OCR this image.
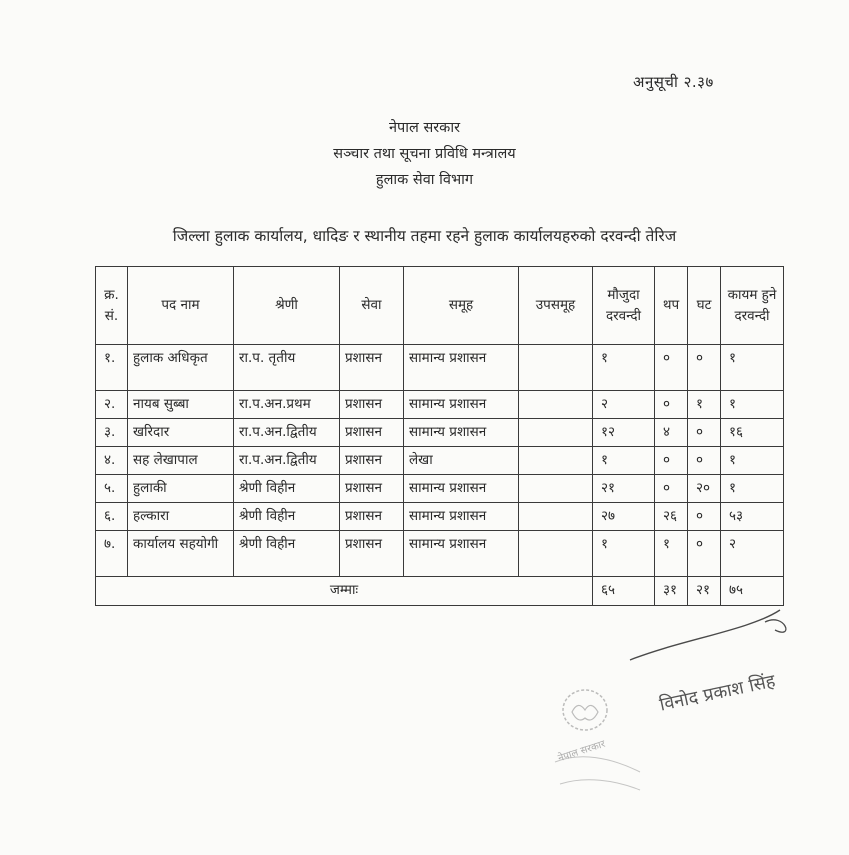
अनुसूची २.३७
नेपाल सरकार
सञ्चार तथा सूचना प्रविधि मन्त्रालय
हुलाक सेवा विभाग
जिल्ला हुलाक कार्यालय, धादिङ र स्थानीय तहमा रहने हुलाक कार्यालयहरुको दरवन्दी तेरिज
क्र. सं.	पद नाम	श्रेणी	सेवा	समूह	उपसमूह	मौजुदा दरवन्दी	थप	घट	कायम हुने दरवन्दी
१.	हुलाक अधिकृत	रा.प. तृतीय	प्रशासन	सामान्य प्रशासन		१	०	०	१
२.	नायब सुब्बा	रा.प.अन.प्रथम	प्रशासन	सामान्य प्रशासन		२	०	१	१
३.	खरिदार	रा.प.अन.द्वितीय	प्रशासन	सामान्य प्रशासन		१२	४	०	१६
४.	सह लेखापाल	रा.प.अन.द्वितीय	प्रशासन	लेखा		१	०	०	१
५.	हुलाकी	श्रेणी विहीन	प्रशासन	सामान्य प्रशासन		२१	०	२०	१
६.	हल्कारा	श्रेणी विहीन	प्रशासन	सामान्य प्रशासन		२७	२६	०	५३
७.	कार्यालय सहयोगी	श्रेणी विहीन	प्रशासन	सामान्य प्रशासन		१	१	०	२
जम्माः						६५	३१	२१	७५
विनोद प्रकाश सिंह
नेपाल सरकार
